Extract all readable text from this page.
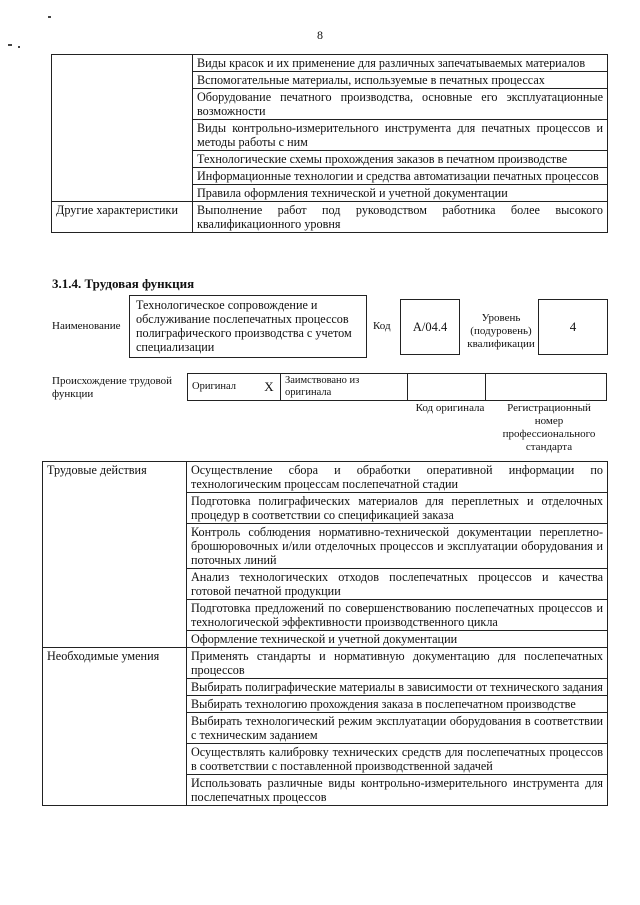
8
	Виды красок и их применение для различных запечатываемых материалов
	Вспомогательные материалы, используемые в печатных процессах
	Оборудование печатного производства, основные его эксплуатационные возможности
	Виды контрольно-измерительного инструмента для печатных процессов и методы работы с ним
	Технологические схемы прохождения заказов в печатном производстве
	Информационные технологии и средства автоматизации печатных процессов
	Правила оформления технической и учетной документации
Другие характеристики	Выполнение работ под руководством работника более высокого квалификационного уровня
3.1.4. Трудовая функция
Наименование
Технологическое сопровождение и обслуживание послепечатных процессов полиграфического производства с учетом специализации
Код	A/04.4
Уровень (подуровень) квалификации
4
Происхождение трудовой функции
Оригинал	X	Заимствовано из оригинала		
Код оригинала	Регистрационный номер профессионального стандарта
Трудовые действия	Осуществление сбора и обработки оперативной информации по технологическим процессам послепечатной стадии
	Подготовка полиграфических материалов для переплетных и отделочных процедур в соответствии со спецификацией заказа
	Контроль соблюдения нормативно-технической документации переплетно-брошюровочных и/или отделочных процессов и эксплуатации оборудования и поточных линий
	Анализ технологических отходов послепечатных процессов и качества готовой печатной продукции
	Подготовка предложений по совершенствованию послепечатных процессов и технологической эффективности производственного цикла
	Оформление технической и учетной документации
Необходимые умения	Применять стандарты и нормативную документацию для послепечатных процессов
	Выбирать полиграфические материалы в зависимости от технического задания
	Выбирать технологию прохождения заказа в послепечатном производстве
	Выбирать технологический режим эксплуатации оборудования в соответствии с техническим заданием
	Осуществлять калибровку технических средств для послепечатных процессов в соответствии с поставленной производственной задачей
	Использовать различные виды контрольно-измерительного инструмента для послепечатных процессов
